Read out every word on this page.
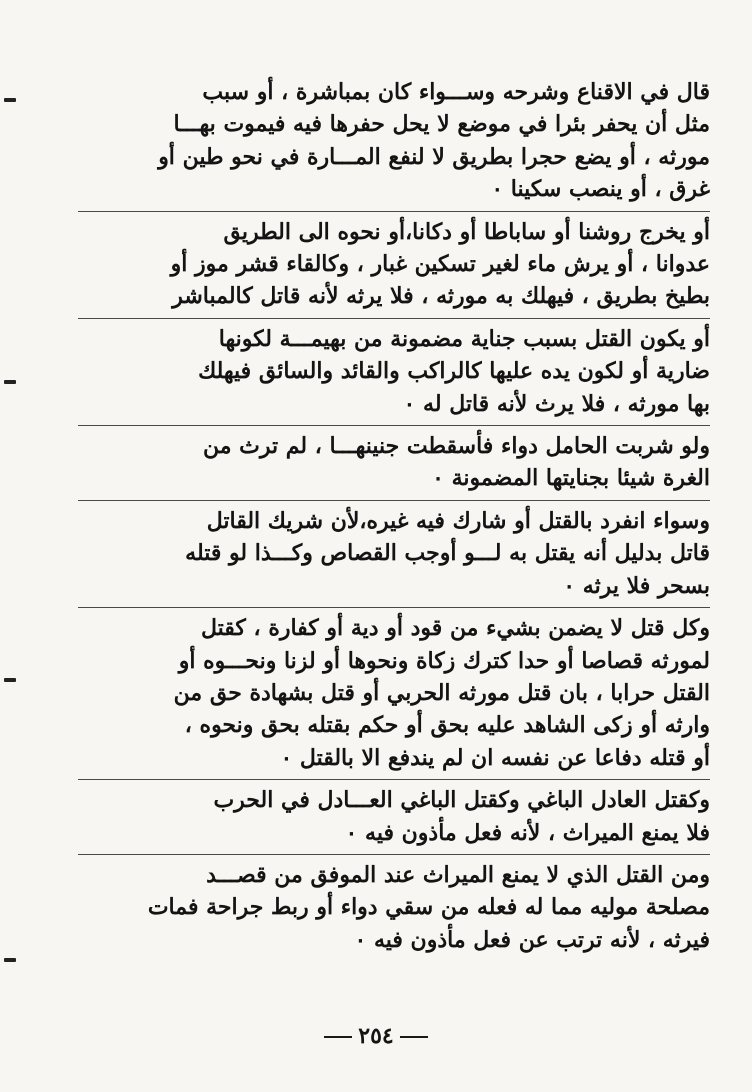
قال في الاقناع وشرحه وســـواء كان بمباشرة ، أو سبب
مثل أن يحفر بئرا في موضع لا يحل حفرها فيه فيموت بهـــا
مورثه ، أو يضع حجرا بطريق لا لنفع المـــارة في نحو طين أو
غرق ، أو ينصب سكينا ٠

أو يخرج روشنا أو ساباطا أو دكانا،أو نحوه الى الطريق
عدوانا ، أو يرش ماء لغير تسكين غبار ، وكالقاء قشر موز أو
بطيخ بطريق ، فيهلك به مورثه ، فلا يرثه لأنه قاتل كالمباشر

أو يكون القتل بسبب جناية مضمونة من بهيمـــة لكونها
ضارية أو لكون يده عليها كالراكب والقائد والسائق فيهلك
بها مورثه ، فلا يرث لأنه قاتل له ٠

ولو شربت الحامل دواء فأسقطت جنينهـــا ، لم ترث من
الغرة شيئا بجنايتها المضمونة ٠

وسواء انفرد بالقتل أو شارك فيه غيره،لأن شريك القاتل
قاتل بدليل أنه يقتل به لـــو أوجب القصاص وكـــذا لو قتله
بسحر فلا يرثه ٠

وكل قتل لا يضمن بشيء من قود أو دية أو كفارة ، كقتل
لمورثه قصاصا أو حدا كترك زكاة ونحوها أو لزنا ونحـــوه أو
القتل حرابا ، بان قتل مورثه الحربي أو قتل بشهادة حق من
وارثه أو زكى الشاهد عليه بحق أو حكم بقتله بحق ونحوه ،
أو قتله دفاعا عن نفسه ان لم يندفع الا بالقتل ٠

وكقتل العادل الباغي وكقتل الباغي العـــادل في الحرب
فلا يمنع الميراث ، لأنه فعل مأذون فيه ٠

ومن القتل الذي لا يمنع الميراث عند الموفق من قصـــد
مصلحة موليه مما له فعله من سقي دواء أو ربط جراحة فمات
فيرثه ، لأنه ترتب عن فعل مأذون فيه ٠

٢٥٤
